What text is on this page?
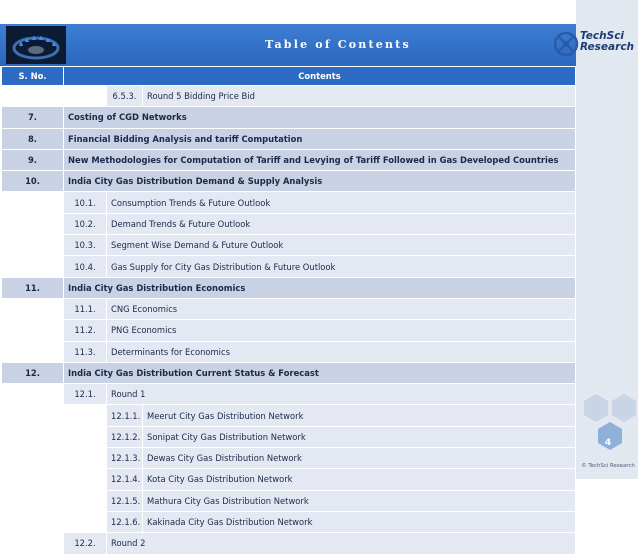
Table of Contents
TechSci
Research
S. No.	Contents		
		6.5.3.	Round 5 Bidding Price Bid
7.	Costing of CGD Networks		
8.	Financial Bidding Analysis and tariff Computation		
9.	New Methodologies for Computation of Tariff and Levying of Tariff Followed in Gas Developed Countries		
10.	India City Gas Distribution Demand & Supply Analysis		
	10.1.	Consumption Trends & Future Outlook	
	10.2.	Demand Trends & Future Outlook	
	10.3.	Segment Wise Demand & Future Outlook	
	10.4.	Gas Supply for City Gas Distribution & Future Outlook	
11.	India City Gas Distribution Economics		
	11.1.	CNG Economics	
	11.2.	PNG Economics	
	11.3.	Determinants for Economics	
12.	India City Gas Distribution Current Status & Forecast		
	12.1.	Round 1	
		12.1.1.	Meerut City Gas Distribution Network
		12.1.2.	Sonipat City Gas Distribution Network
		12.1.3.	Dewas City Gas Distribution Network
		12.1.4.	Kota City Gas Distribution Network
		12.1.5.	Mathura City Gas Distribution Network
		12.1.6.	Kakinada City Gas Distribution Network
	12.2.	Round 2	
4
© TechSci Research
